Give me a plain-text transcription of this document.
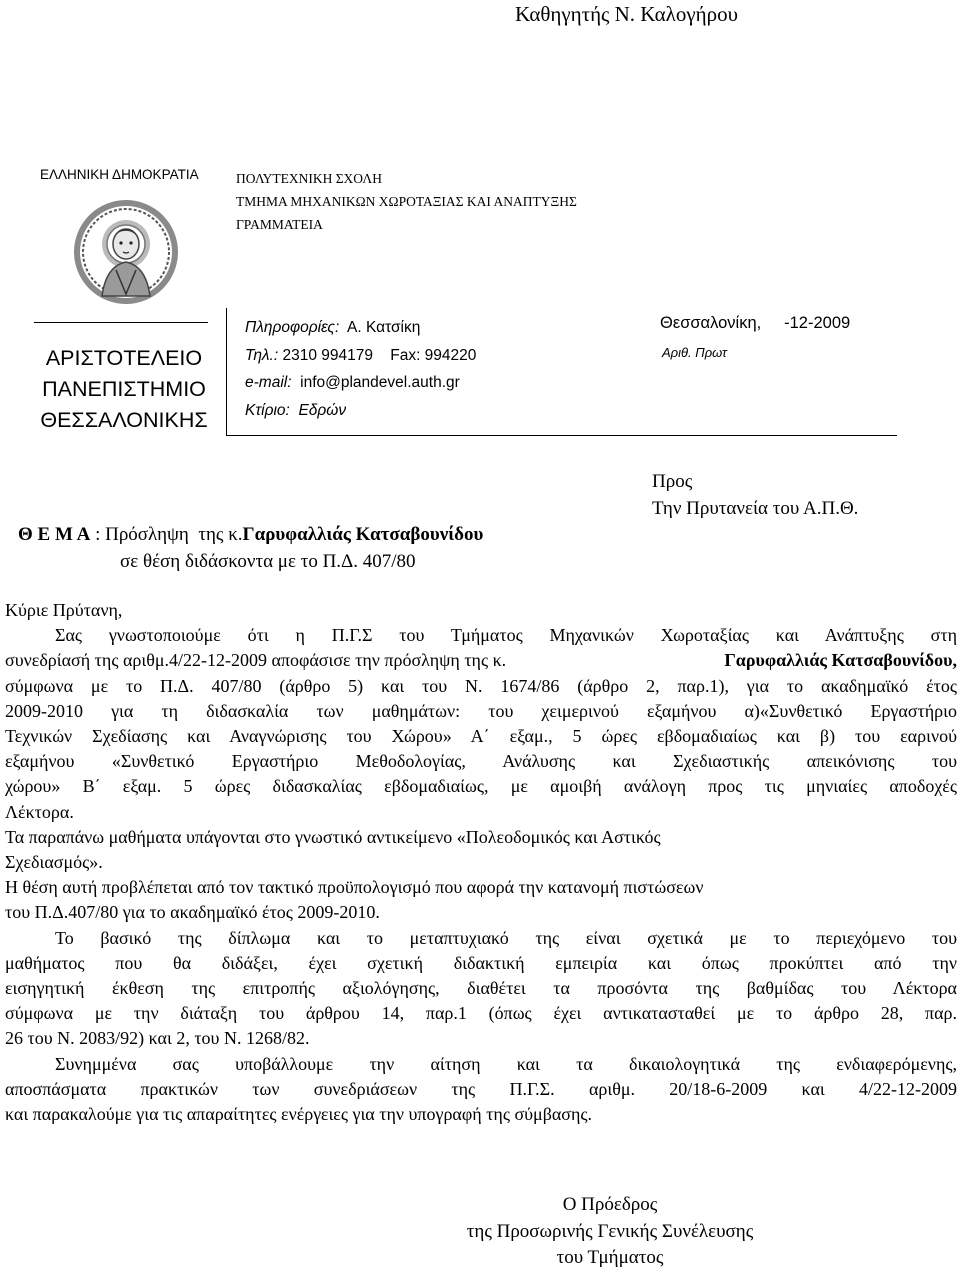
Καθηγητής Ν. Καλογήρου
ΕΛΛΗΝΙΚΗ ΔΗΜΟΚΡΑΤΙΑ	ΠΟΛΥΤΕΧΝΙΚΗ ΣΧΟΛΗ
ΤΜΗΜΑ ΜΗΧΑΝΙΚΩΝ ΧΩΡΟΤΑΞΙΑΣ ΚΑΙ ΑΝΑΠΤΥΞΗΣ
ΓΡΑΜΜΑΤΕΙΑ
ΑΡΙΣΤΟΤΕΛΕΙΟ
ΠΑΝΕΠΙΣΤΗΜΙΟ
ΘΕΣΣΑΛΟΝΙΚΗΣ
Πληροφορίες: Α. Κατσίκη
Τηλ.: 2310 994179 Fax: 994220
e-mail: info@plandevel.auth.gr
Κτίριο: Εδρών
Θεσσαλονίκη,     -12-2009
Αριθ. Πρωτ
Προς
Την Πρυτανεία του Α.Π.Θ.
Θ Ε Μ Α : Πρόσληψη  της κ.Γαρυφαλλιάς Κατσαβουνίδου
σε θέση διδάσκοντα με το Π.Δ. 407/80

Κύριε Πρύτανη,

Σας γνωστοποιούμε ότι η Π.Γ.Σ του Τμήματος Μηχανικών Χωροταξίας και Ανάπτυξης στη

συνεδρίασή της αριθμ.4/22-12-2009 αποφάσισε την πρόσληψη της κ.	Γαρυφαλλιάς Κατσαβουνίδου,

σύμφωνα με το Π.Δ. 407/80 (άρθρο 5) και του Ν. 1674/86 (άρθρο 2, παρ.1), για το ακαδημαϊκό έτος

2009-2010 για τη διδασκαλία των μαθημάτων: του χειμερινού εξαμήνου α)«Συνθετικό Εργαστήριο

Τεχνικών Σχεδίασης και Αναγνώρισης του Χώρου» Α΄ εξαμ., 5 ώρες εβδομαδιαίως και β) του εαρινού

εξαμήνου «Συνθετικό Εργαστήριο Μεθοδολογίας, Ανάλυσης και Σχεδιαστικής απεικόνισης του

χώρου» Β΄ εξαμ. 5 ώρες διδασκαλίας εβδομαδιαίως, με αμοιβή ανάλογη προς τις μηνιαίες αποδοχές

Λέκτορα.

Τα παραπάνω μαθήματα υπάγονται στο γνωστικό αντικείμενο «Πολεοδομικός και Αστικός

Σχεδιασμός».

Η θέση αυτή προβλέπεται από τον τακτικό προϋπολογισμό που αφορά την κατανομή πιστώσεων

του Π.Δ.407/80 για το ακαδημαϊκό έτος 2009-2010.

Το βασικό της δίπλωμα και το μεταπτυχιακό της είναι σχετικά με το περιεχόμενο του

μαθήματος που θα διδάξει, έχει σχετική διδακτική εμπειρία και όπως προκύπτει από την

εισηγητική έκθεση της επιτροπής αξιολόγησης, διαθέτει τα προσόντα της βαθμίδας του Λέκτορα

σύμφωνα με την διάταξη του άρθρου 14, παρ.1 (όπως έχει αντικατασταθεί με το άρθρο 28, παρ.

26 του Ν. 2083/92) και 2, του Ν. 1268/82.

Συνημμένα σας υποβάλλουμε την αίτηση και τα δικαιολογητικά της ενδιαφερόμενης,

αποσπάσματα πρακτικών των συνεδριάσεων της Π.Γ.Σ. αριθμ. 20/18-6-2009 και 4/22-12-2009

και παρακαλούμε για τις απαραίτητες ενέργειες για την υπογραφή της σύμβασης.

Ο Πρόεδρος
της Προσωρινής Γενικής Συνέλευσης
του Τμήματος
